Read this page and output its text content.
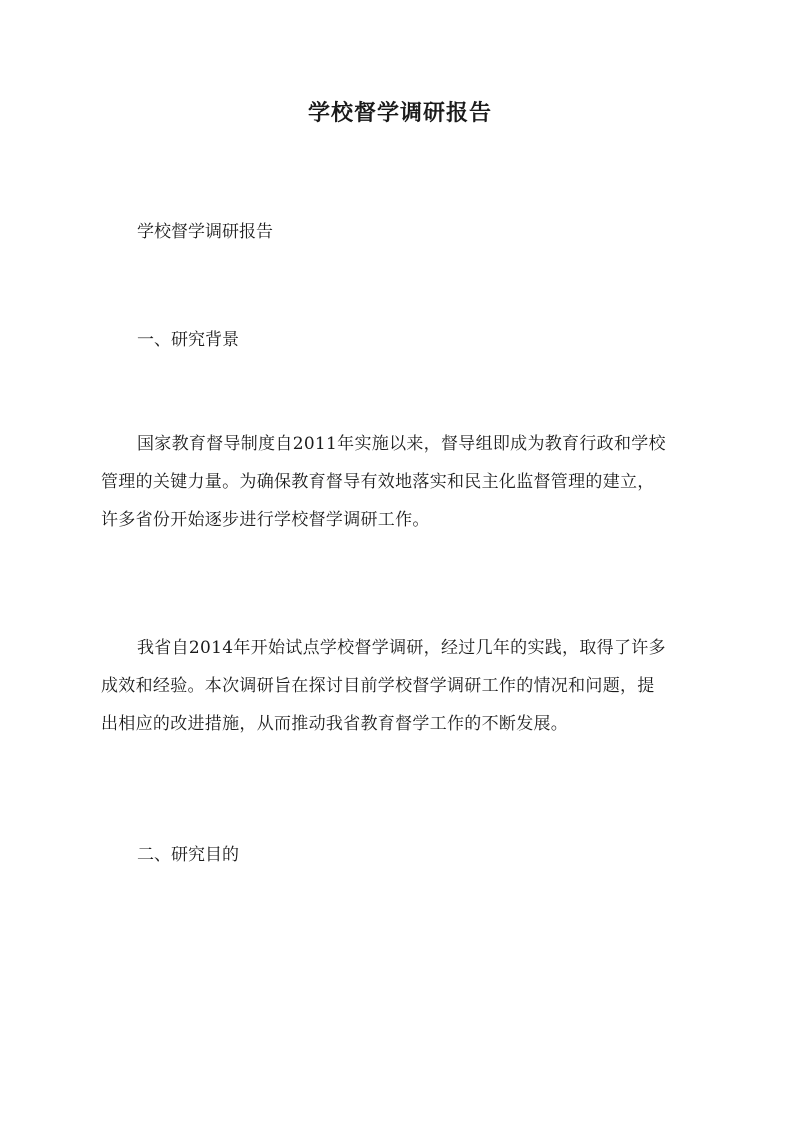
学校督学调研报告

学校督学调研报告

一、研究背景

国家教育督导制度自2011年实施以来，督导组即成为教育行政和学校
管理的关键力量。为确保教育督导有效地落实和民主化监督管理的建立，
许多省份开始逐步进行学校督学调研工作。
我省自2014年开始试点学校督学调研，经过几年的实践，取得了许多
成效和经验。本次调研旨在探讨目前学校督学调研工作的情况和问题，提
出相应的改进措施，从而推动我省教育督学工作的不断发展。

二、研究目的
